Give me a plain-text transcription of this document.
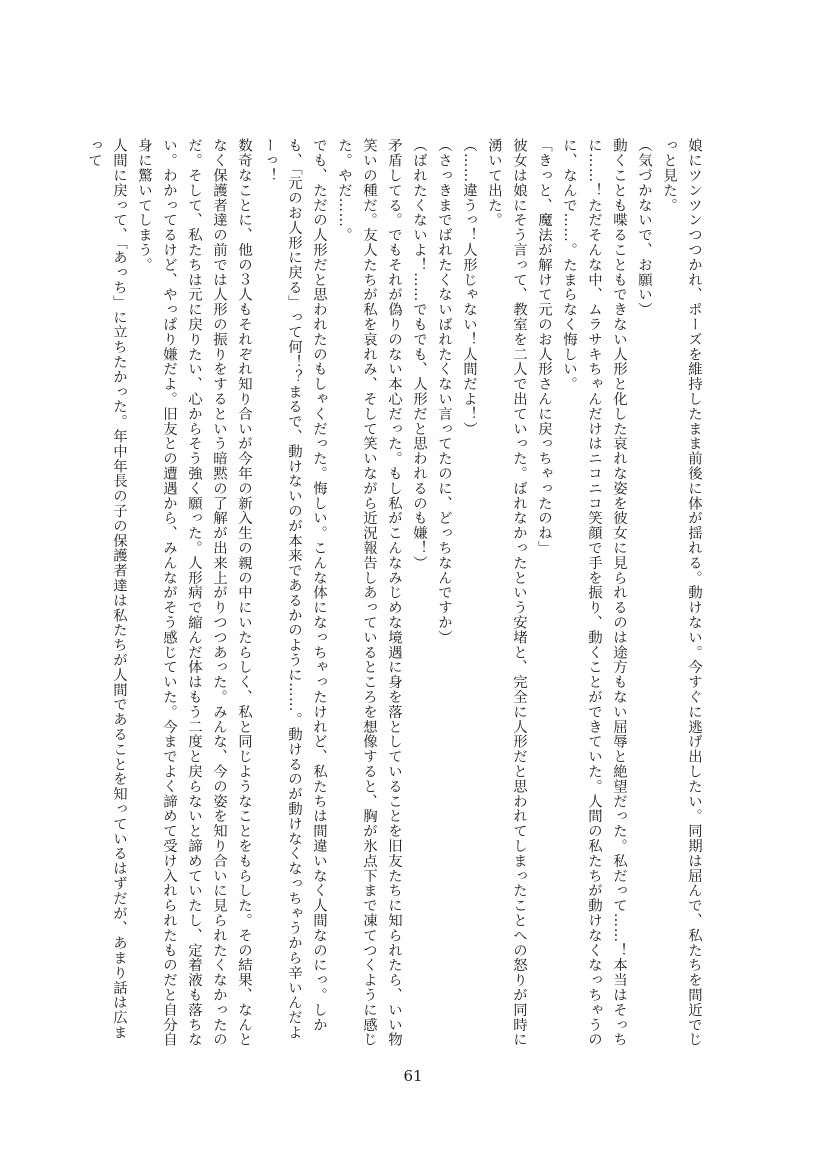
娘にツンツンつつかれ、ポーズを維持したまま前後に体が揺れる。動けない。今すぐに逃げ出したい。同期は屈んで、私たちを間近でじっと見た。

（気づかないで、お願い）

動くことも喋ることもできない人形と化した哀れな姿を彼女に見られるのは途方もない屈辱と絶望だった。私だって……！本当はそっちに……！ただそんな中、ムラサキちゃんだけはニコニコ笑顔で手を振り、動くことができていた。人間の私たちが動けなくなっちゃうのに、なんで……。たまらなく悔しい。

「きっと、魔法が解けて元のお人形さんに戻っちゃったのね」

彼女は娘にそう言って、教室を二人で出ていった。ばれなかったという安堵と、完全に人形だと思われてしまったことへの怒りが同時に湧いて出た。

（……違うっ！人形じゃない！人間だよ！）

（さっきまでばれたくないばれたくない言ってたのに、どっちなんですか）

（ばれたくないよ！……でもでも、人形だと思われるのも嫌！）

矛盾してる。でもそれが偽りのない本心だった。もし私がこんなみじめな境遇に身を落としていることを旧友たちに知られたら、いい物笑いの種だ。友人たちが私を哀れみ、そして笑いながら近況報告しあっているところを想像すると、胸が氷点下まで凍てつくように感じた。やだ……。

でも、ただの人形だと思われたのもしゃくだった。悔しい。こんな体になっちゃったけれど、私たちは間違いなく人間なのにっ。しかも、「元のお人形に戻る」って何！？まるで、動けないのが本来であるかのように……。動けるのが動けなくなっちゃうから辛いんだよーっ！

数奇なことに、他の３人もそれぞれ知り合いが今年の新入生の親の中にいたらしく、私と同じようなことをもらした。その結果、なんとなく保護者達の前では人形の振りをするという暗黙の了解が出来上がりつつあった。みんな、今の姿を知り合いに見られたくなかったのだ。そして、私たちは元に戻りたい、心からそう強く願った。人形病で縮んだ体はもう二度と戻らないと諦めていたし、定着液も落ちない。わかってるけど、やっぱり嫌だよ。旧友との遭遇から、みんながそう感じていた。今までよく諦めて受け入れられたものだと自分自身に驚いてしまう。

人間に戻って、「あっち」に立ちたかった。年中年長の子の保護者達は私たちが人間であることを知っているはずだが、あまり話は広まって

61
